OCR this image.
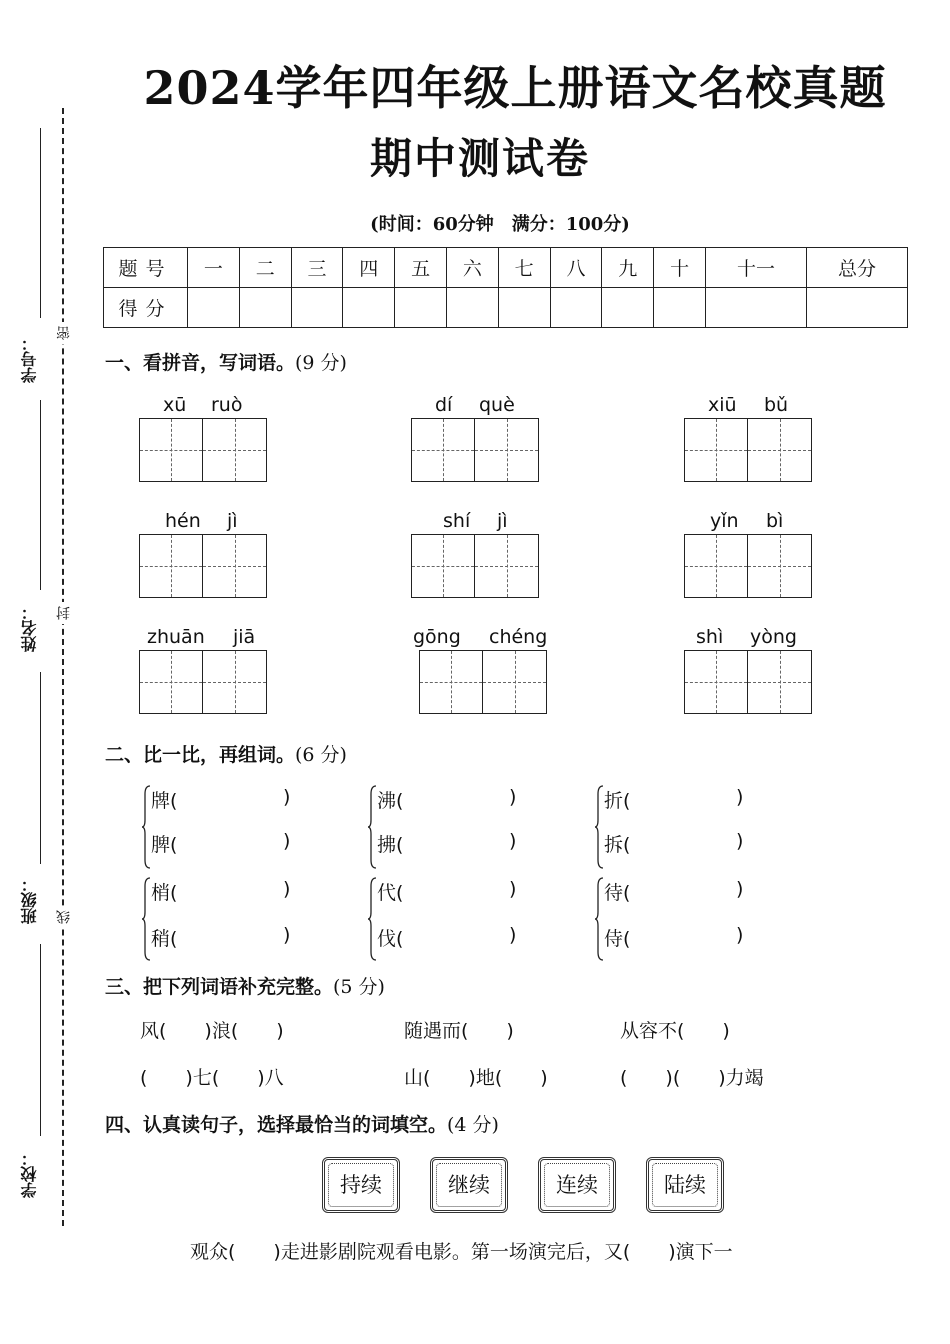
学号：
姓名：
班级：
学校：
密
封
线
2024学年四年级上册语文名校真题
期中测试卷
(时间：60分钟　满分：100分)
题号	一	二	三	四	五	六	七	八	九	十	十一	总分
得分												
一、看拼音，写词语。(9 分)
xū ruò	dí què	xiū bǔ
hén jì	shí jì	yǐn bì
zhuān jiā	gōng chéng	shì yòng
二、比一比，再组词。(6 分)
牌(	)
脾(	)
沸(	)
拂(	)
折(	)
拆(	)
梢(	)
稍(	)
代(	)
伐(	)
待(	)
侍(	)
三、把下列词语补充完整。(5 分)
风(　　)浪(　　)	随遇而(　　)	从容不(　　)
(　　)七(　　)八	山(　　)地(　　)	(　　)(　　)力竭
四、认真读句子，选择最恰当的词填空。(4 分)
持续	继续	连续	陆续
观众(　　)走进影剧院观看电影。第一场演完后，又(　　)演下一
